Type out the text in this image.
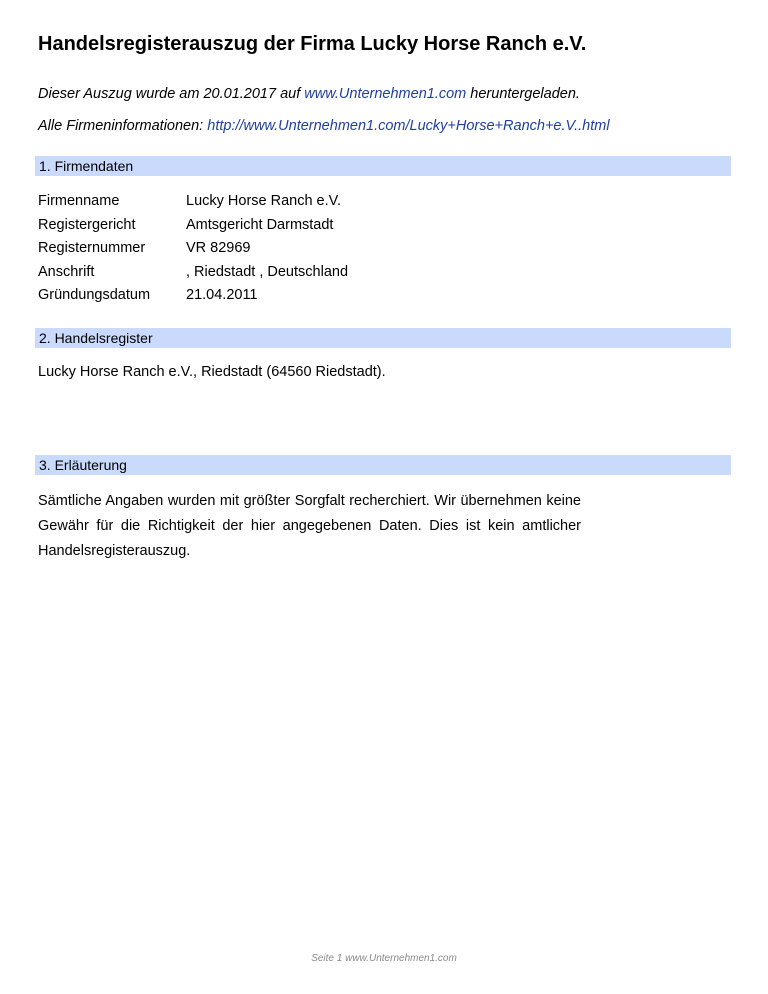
Handelsregisterauszug der Firma Lucky Horse Ranch e.V.
Dieser Auszug wurde am 20.01.2017 auf www.Unternehmen1.com heruntergeladen.
Alle Firmeninformationen: http://www.Unternehmen1.com/Lucky+Horse+Ranch+e.V..html
1. Firmendaten
Firmenname	Lucky Horse Ranch e.V.
Registergericht	Amtsgericht Darmstadt
Registernummer	VR 82969
Anschrift	, Riedstadt , Deutschland
Gründungsdatum	21.04.2011
2. Handelsregister
Lucky Horse Ranch e.V., Riedstadt (64560 Riedstadt).
3. Erläuterung
Sämtliche Angaben wurden mit größter Sorgfalt recherchiert. Wir übernehmen keine Gewähr für die Richtigkeit der hier angegebenen Daten. Dies ist kein amtlicher Handelsregisterauszug.
Seite 1 www.Unternehmen1.com
